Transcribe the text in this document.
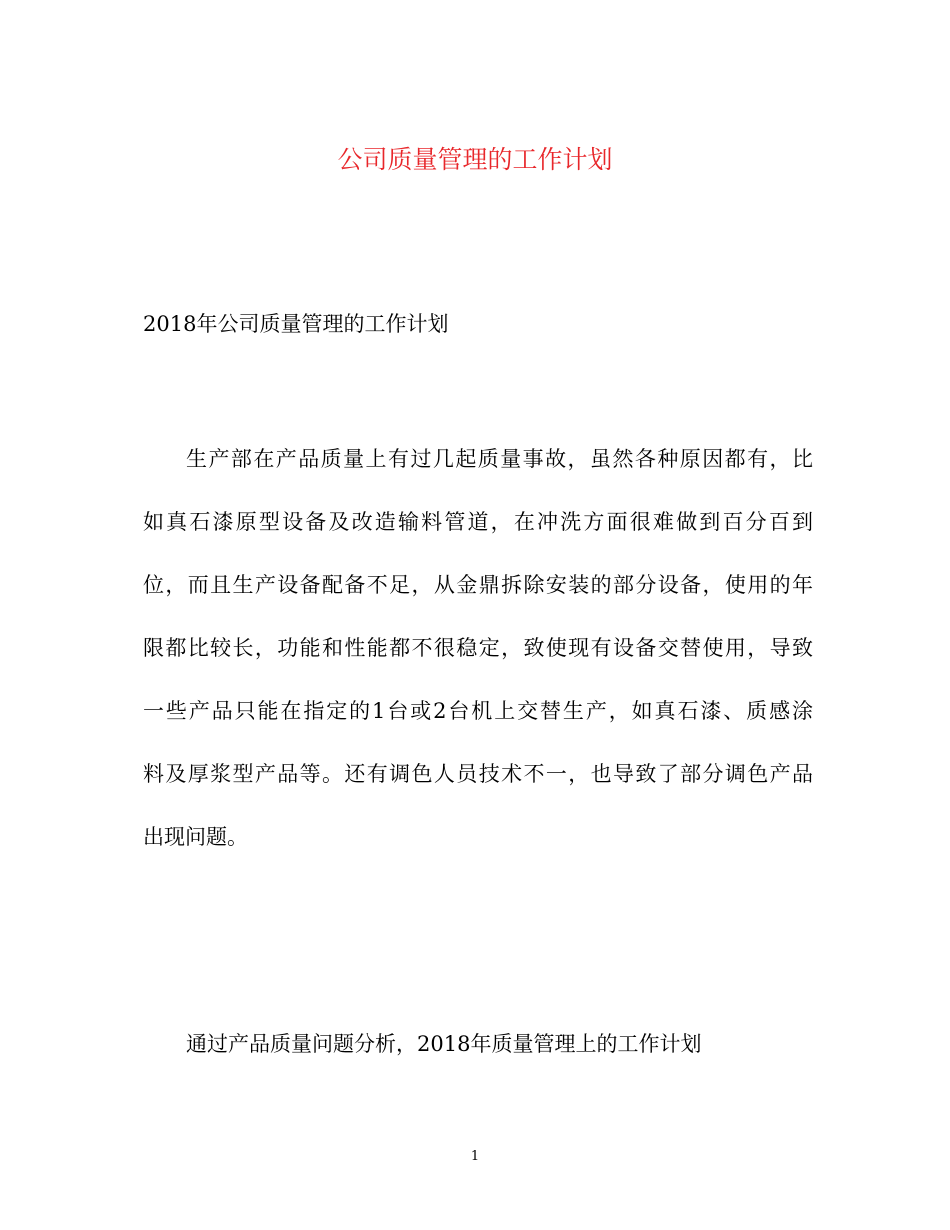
公司质量管理的工作计划

2018年公司质量管理的工作计划

生产部在产品质量上有过几起质量事故，虽然各种原因都有，比
如真石漆原型设备及改造输料管道，在冲洗方面很难做到百分百到
位，而且生产设备配备不足，从金鼎拆除安装的部分设备，使用的年
限都比较长，功能和性能都不很稳定，致使现有设备交替使用，导致
一些产品只能在指定的1台或2台机上交替生产，如真石漆、质感涂
料及厚浆型产品等。还有调色人员技术不一，也导致了部分调色产品
出现问题。

通过产品质量问题分析，2018年质量管理上的工作计划

1
